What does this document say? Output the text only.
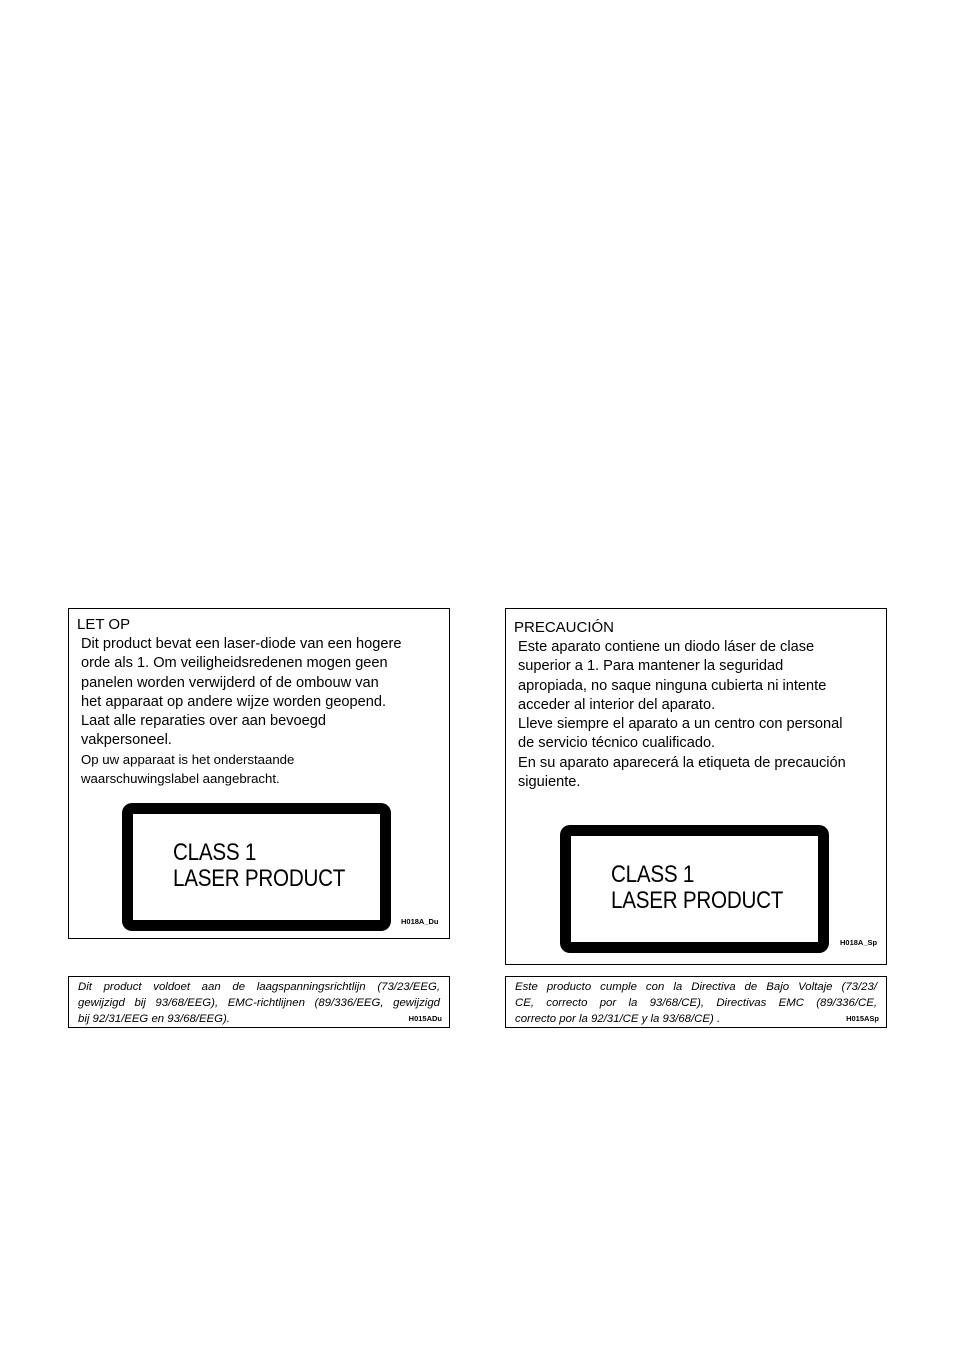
LET OP
Dit product bevat een laser-diode van een hogere
orde als 1. Om veiligheidsredenen mogen geen
panelen worden verwijderd of de ombouw van
het apparaat op andere wijze worden geopend.
Laat alle reparaties over aan bevoegd
vakpersoneel.
Op uw apparaat is het onderstaande
waarschuwingslabel aangebracht.
CLASS 1
LASER PRODUCT
H018A_Du
PRECAUCIÓN
Este aparato contiene un diodo láser de clase
superior a 1. Para mantener la seguridad
apropiada, no saque ninguna cubierta ni intente
acceder al interior del aparato.
Lleve siempre el aparato a un centro con personal
de servicio técnico cualificado.
En su aparato aparecerá la etiqueta de precaución
siguiente.
CLASS 1
LASER PRODUCT
H018A_Sp
Dit product voldoet aan de laagspanningsrichtlijn (73/23/EEG,
gewijzigd bij 93/68/EEG), EMC-richtlijnen (89/336/EEG, gewijzigd
bij 92/31/EEG en 93/68/EEG).	H015ADu
Este producto cumple con la Directiva de Bajo Voltaje (73/23/
CE, correcto por la 93/68/CE), Directivas EMC (89/336/CE,
correcto por la 92/31/CE y la 93/68/CE) .	H015ASp
